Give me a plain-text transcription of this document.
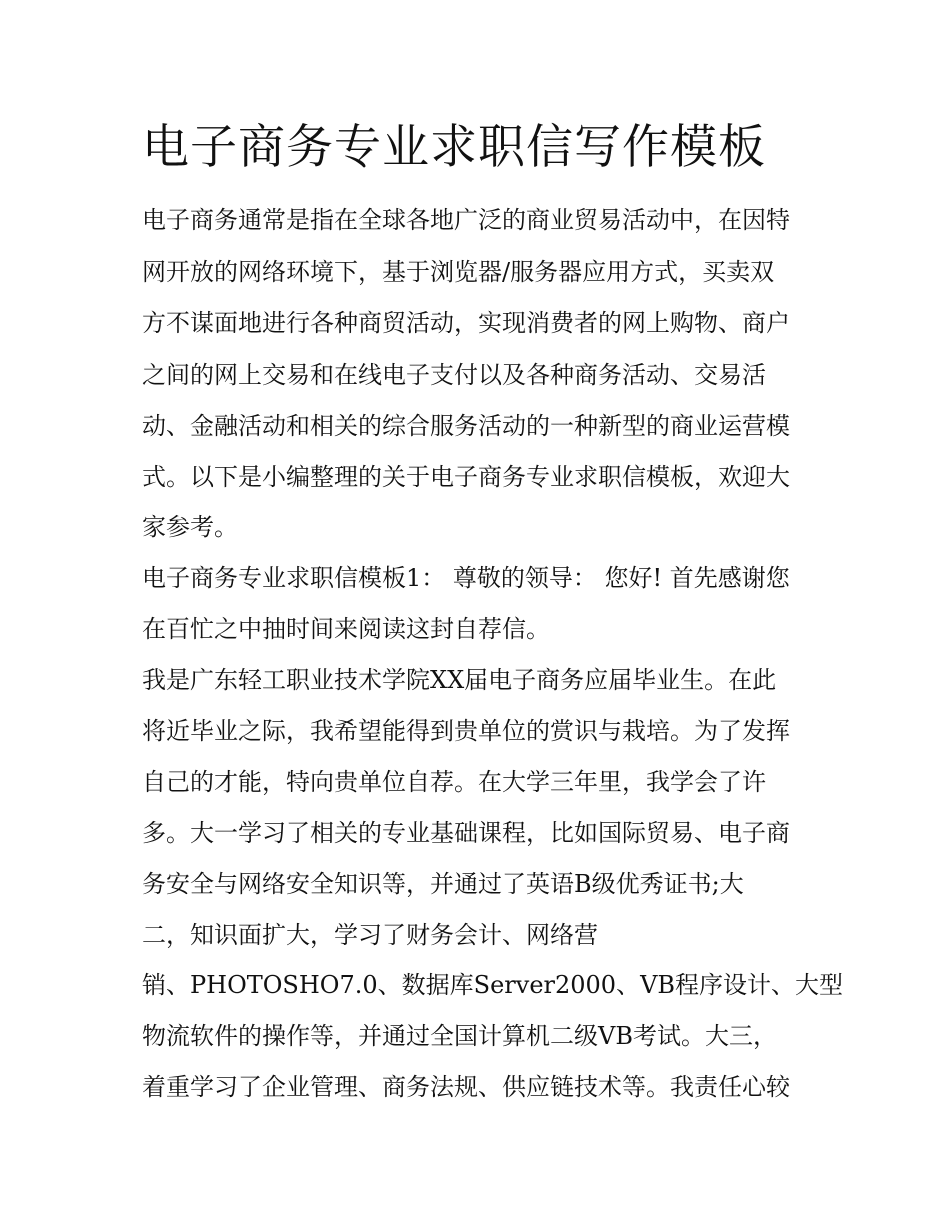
电子商务专业求职信写作模板

电子商务通常是指在全球各地广泛的商业贸易活动中，在因特

网开放的网络环境下，基于浏览器/服务器应用方式，买卖双

方不谋面地进行各种商贸活动，实现消费者的网上购物、商户

之间的网上交易和在线电子支付以及各种商务活动、交易活

动、金融活动和相关的综合服务活动的一种新型的商业运营模

式。以下是小编整理的关于电子商务专业求职信模板，欢迎大

家参考。

电子商务专业求职信模板1： 尊敬的领导： 您好! 首先感谢您

在百忙之中抽时间来阅读这封自荐信。

我是广东轻工职业技术学院XX届电子商务应届毕业生。在此

将近毕业之际，我希望能得到贵单位的赏识与栽培。为了发挥

自己的才能，特向贵单位自荐。在大学三年里，我学会了许

多。大一学习了相关的专业基础课程，比如国际贸易、电子商

务安全与网络安全知识等，并通过了英语B级优秀证书;大

二，知识面扩大，学习了财务会计、网络营

销、PHOTOSHO7.0、数据库Server2000、VB程序设计、大型

物流软件的操作等，并通过全国计算机二级VB考试。大三，

着重学习了企业管理、商务法规、供应链技术等。我责任心较
